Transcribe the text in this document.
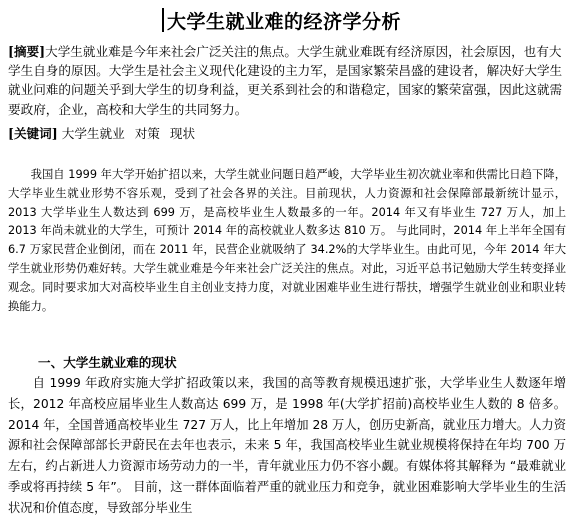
大学生就业难的经济学分析
[摘要]大学生就业难是今年来社会广泛关注的焦点。大学生就业难既有经济原因，社会原因，也有大学生自身的原因。大学生是社会主义现代化建设的主力军，是国家繁荣昌盛的建设者，解决好大学生就业问难的问题关乎到大学生的切身利益，更关系到社会的和谐稳定，国家的繁荣富强，因此这就需要政府，企业，高校和大学生的共同努力。
[关键词] 大学生就业 对策 现状

我国自 1999 年大学开始扩招以来，大学生就业问题日趋严峻，大学毕业生初次就业率和供需比日趋下降，大学毕业生就业形势不容乐观，受到了社会各界的关注。目前现状，人力资源和社会保障部最新统计显示，2013 大学毕业生人数达到 699 万，是高校毕业生人数最多的一年。2014 年又有毕业生 727 万人，加上 2013 年尚未就业的大学生，可预计 2014 年的高校就业人数多达 810 万。 与此同时，2014 年上半年全国有 6.7 万家民营企业倒闭，而在 2011 年，民营企业就吸纳了 34.2%的大学毕业生。由此可见，今年 2014 年大学生就业形势仍难好转。大学生就业难是今年来社会广泛关注的焦点。对此，习近平总书记勉励大学生转变择业观念。同时要求加大对高校毕业生自主创业支持力度，对就业困难毕业生进行帮扶，增强学生就业创业和职业转换能力。

一、大学生就业难的现状

自 1999 年政府实施大学扩招政策以来，我国的高等教育规模迅速扩张，大学毕业生人数逐年增长，2012 年高校应届毕业生人数高达 699 万，是 1998 年(大学扩招前)高校毕业生人数的 8 倍多。2014 年，全国普通高校毕业生 727 万人，比上年增加 28 万人，创历史新高，就业压力增大。人力资源和社会保障部部长尹蔚民在去年也表示，未来 5 年，我国高校毕业生就业规模将保持在年均 700 万左右，约占新进人力资源市场劳动力的一半，青年就业压力仍不容小觑。有媒体将其解释为 “最难就业季或将再持续 5 年”。 目前，这一群体面临着严重的就业压力和竞争，就业困难影响大学毕业生的生活状况和价值态度，导致部分毕业生
